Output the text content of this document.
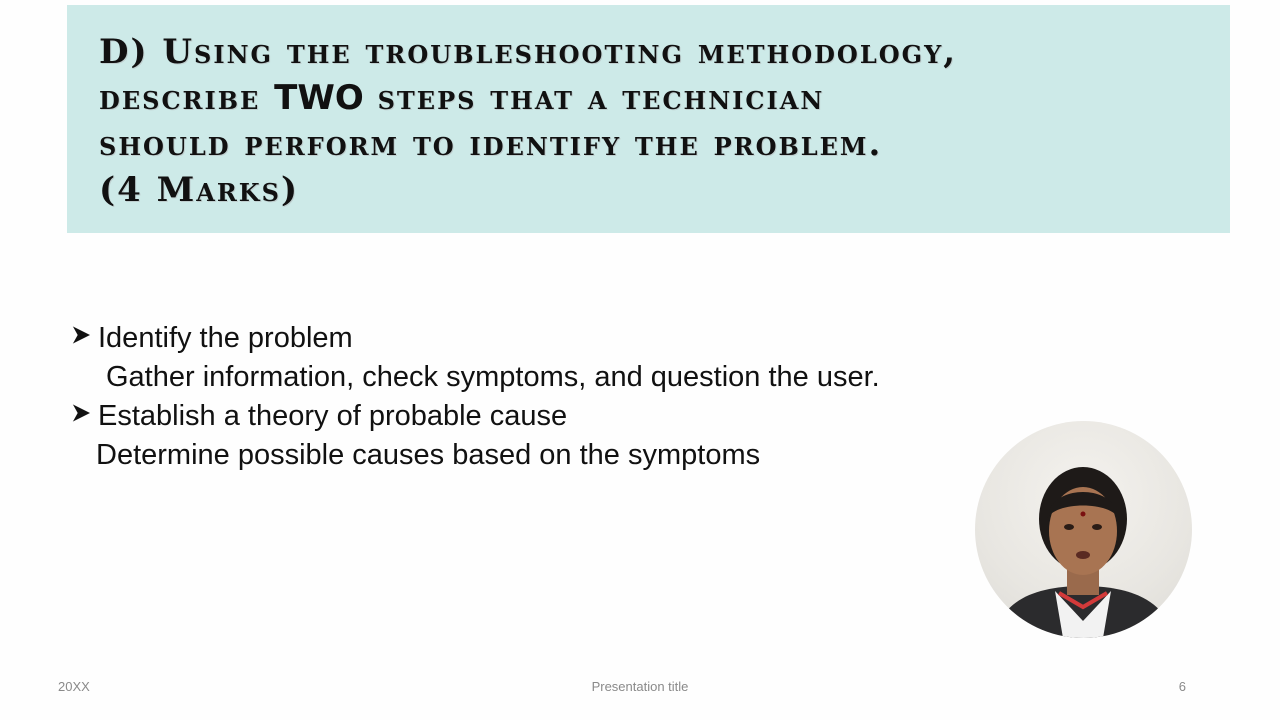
D) Using the troubleshooting methodology,
describe TWO steps that a technician
should perform to identify the problem.
(4 Marks)
Identify the problem
Gather information, check symptoms, and question the user.
Establish a theory of probable cause
Determine possible causes based on the symptoms
20XX	Presentation title	6
